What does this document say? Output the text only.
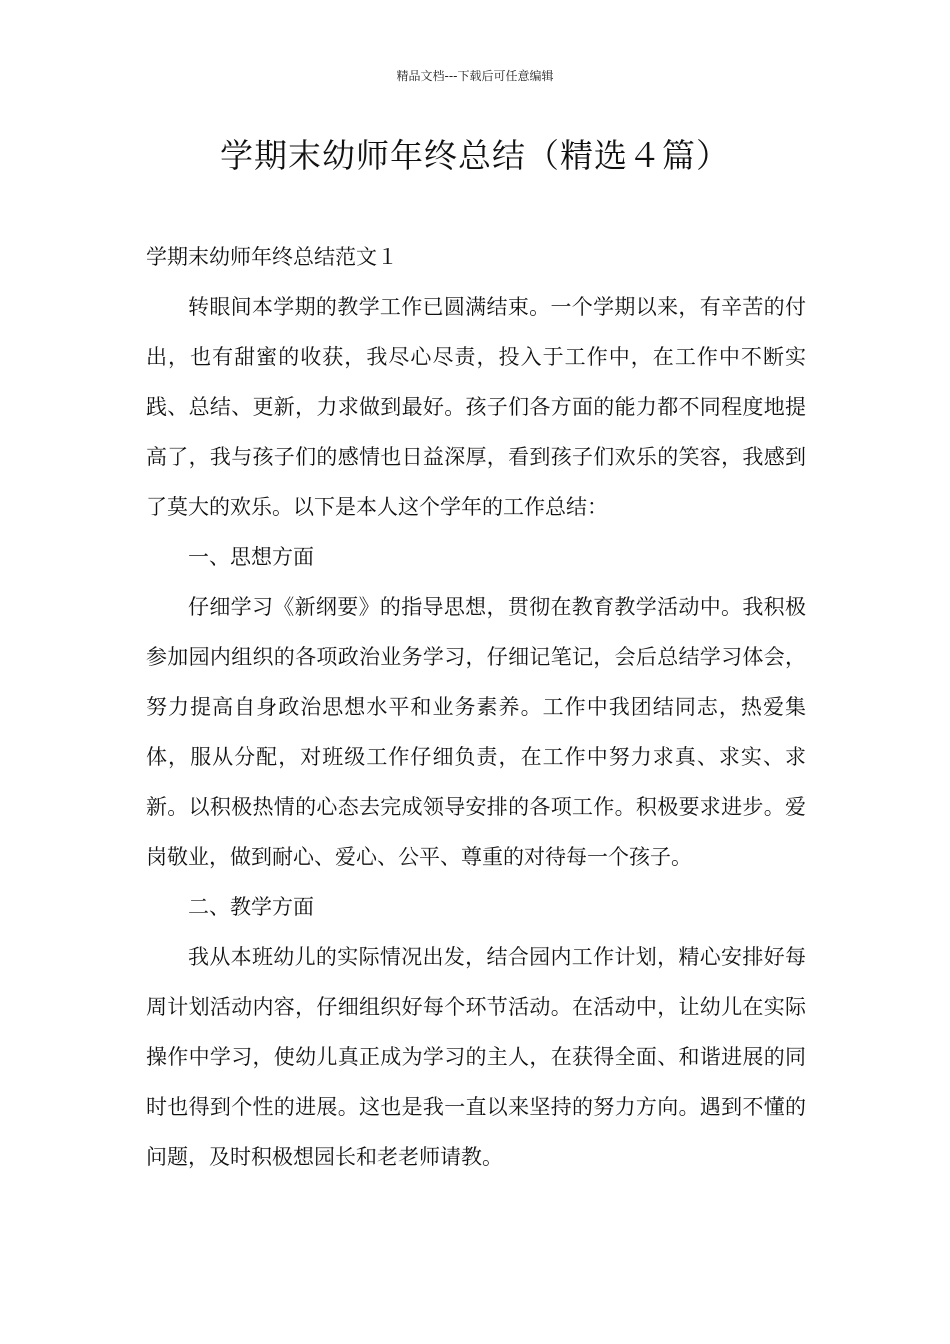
精品文档---下载后可任意编辑
学期末幼师年终总结（精选４篇）

学期末幼师年终总结范文１

转眼间本学期的教学工作已圆满结束。一个学期以来，有辛苦的付出，也有甜蜜的收获，我尽心尽责，投入于工作中，在工作中不断实践、总结、更新，力求做到最好。孩子们各方面的能力都不同程度地提高了，我与孩子们的感情也日益深厚，看到孩子们欢乐的笑容，我感到了莫大的欢乐。以下是本人这个学年的工作总结：

一、思想方面

仔细学习《新纲要》的指导思想，贯彻在教育教学活动中。我积极参加园内组织的各项政治业务学习，仔细记笔记，会后总结学习体会，努力提高自身政治思想水平和业务素养。工作中我团结同志，热爱集体，服从分配，对班级工作仔细负责，在工作中努力求真、求实、求新。以积极热情的心态去完成领导安排的各项工作。积极要求进步。爱岗敬业，做到耐心、爱心、公平、尊重的对待每一个孩子。

二、教学方面

我从本班幼儿的实际情况出发，结合园内工作计划，精心安排好每周计划活动内容，仔细组织好每个环节活动。在活动中，让幼儿在实际操作中学习，使幼儿真正成为学习的主人，在获得全面、和谐进展的同时也得到个性的进展。这也是我一直以来坚持的努力方向。遇到不懂的问题，及时积极想园长和老老师请教。
